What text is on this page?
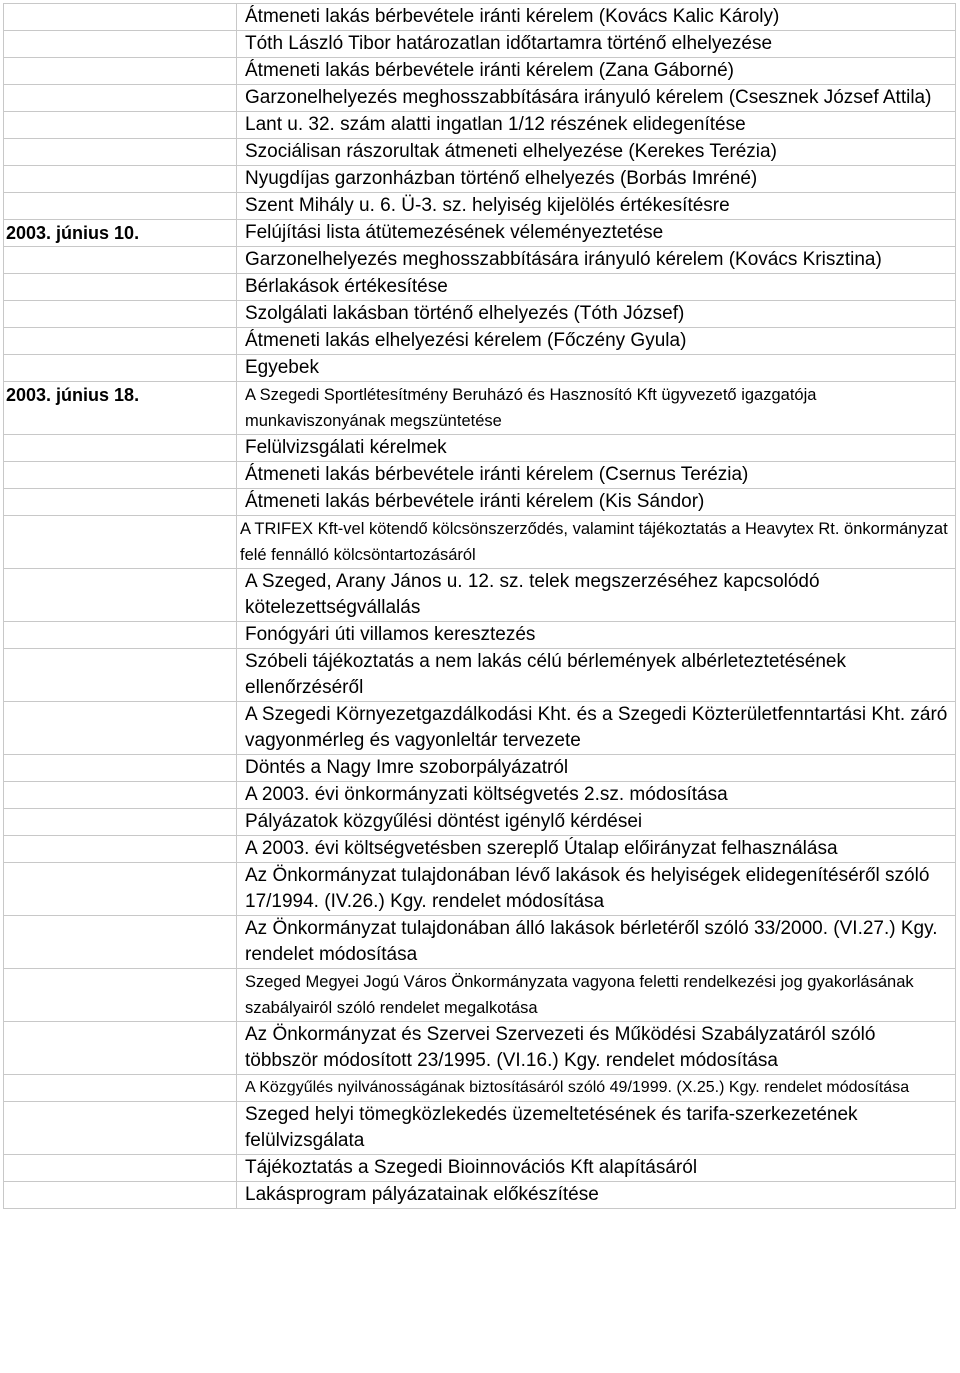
	Átmeneti lakás bérbevétele iránti kérelem (Kovács Kalic Károly)
	Tóth László Tibor határozatlan időtartamra történő elhelyezése
	Átmeneti lakás bérbevétele iránti kérelem (Zana Gáborné)
	Garzonelhelyezés meghosszabbítására irányuló kérelem (Csesznek József Attila)
	Lant u. 32. szám alatti ingatlan 1/12 részének elidegenítése
	Szociálisan rászorultak átmeneti elhelyezése (Kerekes Terézia)
	Nyugdíjas garzonházban történő elhelyezés (Borbás Imréné)
	Szent Mihály u. 6. Ü-3. sz. helyiség kijelölés értékesítésre
2003. június 10.	Felújítási lista átütemezésének véleményeztetése
	Garzonelhelyezés meghosszabbítására irányuló kérelem (Kovács Krisztina)
	Bérlakások értékesítése
	Szolgálati lakásban történő elhelyezés (Tóth József)
	Átmeneti lakás elhelyezési kérelem (Főczény Gyula)
	Egyebek
2003. június 18.	A Szegedi Sportlétesítmény Beruházó és Hasznosító Kft ügyvezető igazgatója munkaviszonyának megszüntetése
	Felülvizsgálati kérelmek
	Átmeneti lakás bérbevétele iránti kérelem (Csernus Terézia)
	Átmeneti lakás bérbevétele iránti kérelem (Kis Sándor)
	A TRIFEX Kft-vel kötendő kölcsönszerződés, valamint tájékoztatás a Heavytex Rt. önkormányzat felé fennálló kölcsöntartozásáról
	A Szeged, Arany János u. 12. sz. telek megszerzéséhez kapcsolódó kötelezettségvállalás
	Fonógyári úti villamos keresztezés
	Szóbeli tájékoztatás a nem lakás célú bérlemények albérleteztetésének ellenőrzéséről
	A Szegedi Környezetgazdálkodási Kht. és a Szegedi Közterületfenntartási Kht. záró vagyonmérleg és vagyonleltár tervezete
	Döntés a Nagy Imre szoborpályázatról
	A 2003. évi önkormányzati költségvetés 2.sz. módosítása
	Pályázatok közgyűlési döntést igénylő kérdései
	A 2003. évi költségvetésben szereplő Útalap előirányzat felhasználása
	Az Önkormányzat tulajdonában lévő lakások és helyiségek elidegenítéséről szóló 17/1994. (IV.26.) Kgy. rendelet módosítása
	Az Önkormányzat tulajdonában álló lakások bérletéről szóló 33/2000. (VI.27.) Kgy. rendelet módosítása
	Szeged Megyei Jogú Város Önkormányzata vagyona feletti rendelkezési jog gyakorlásának szabályairól szóló rendelet megalkotása
	Az Önkormányzat és Szervei Szervezeti és Működési Szabályzatáról szóló többször módosított 23/1995. (VI.16.) Kgy. rendelet módosítása
	A Közgyűlés nyilvánosságának biztosításáról szóló 49/1999. (X.25.) Kgy. rendelet módosítása
	Szeged helyi tömegközlekedés üzemeltetésének és tarifa-szerkezetének felülvizsgálata
	Tájékoztatás a Szegedi Bioinnovációs Kft alapításáról
	Lakásprogram pályázatainak előkészítése
